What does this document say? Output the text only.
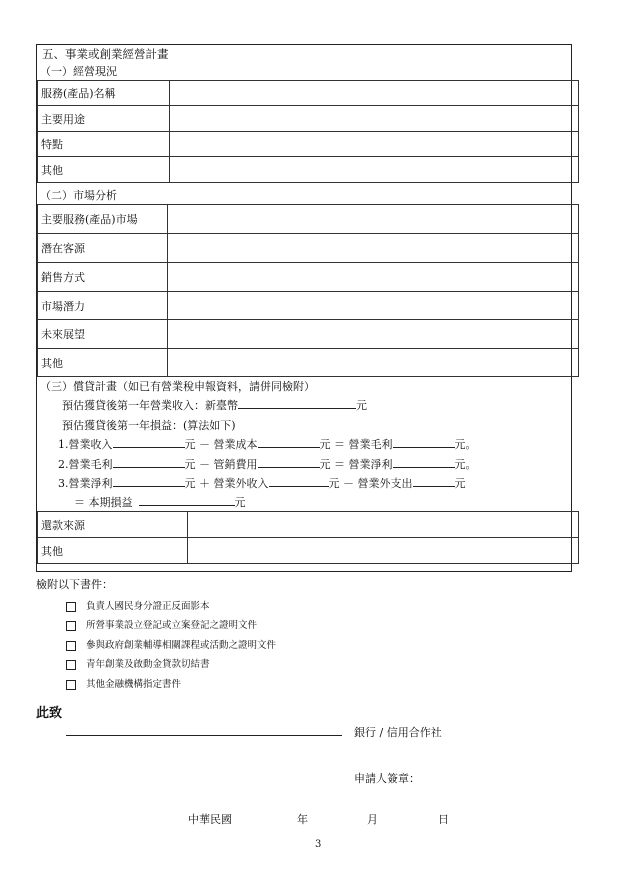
五、事業或創業經營計畫
（一）經營現況
服務(產品)名稱	
主要用途	
特點	
其他	
（二）市場分析
主要服務(產品)市場	
潛在客源	
銷售方式	
市場潛力	
未來展望	
其他	
（三）償貸計畫（如已有營業稅申報資料，請併同檢附）
預估獲貸後第一年營業收入：新臺幣	元
預估獲貸後第一年損益：(算法如下)
1.營業收入	元 － 營業成本	元 ＝ 營業毛利	元。
2.營業毛利	元 － 管銷費用	元 ＝ 營業淨利	元。
3.營業淨利	元 ＋ 營業外收入	元 － 營業外支出	元
＝ 本期損益	元
還款來源	
其他	
檢附以下書件：
負責人國民身分證正反面影本
所營事業設立登記或立案登記之證明文件
參與政府創業輔導相關課程或活動之證明文件
青年創業及啟動金貸款切結書
其他金融機構指定書件
此致
銀行 / 信用合作社
申請人簽章：
中華民國	年	月	日
3
